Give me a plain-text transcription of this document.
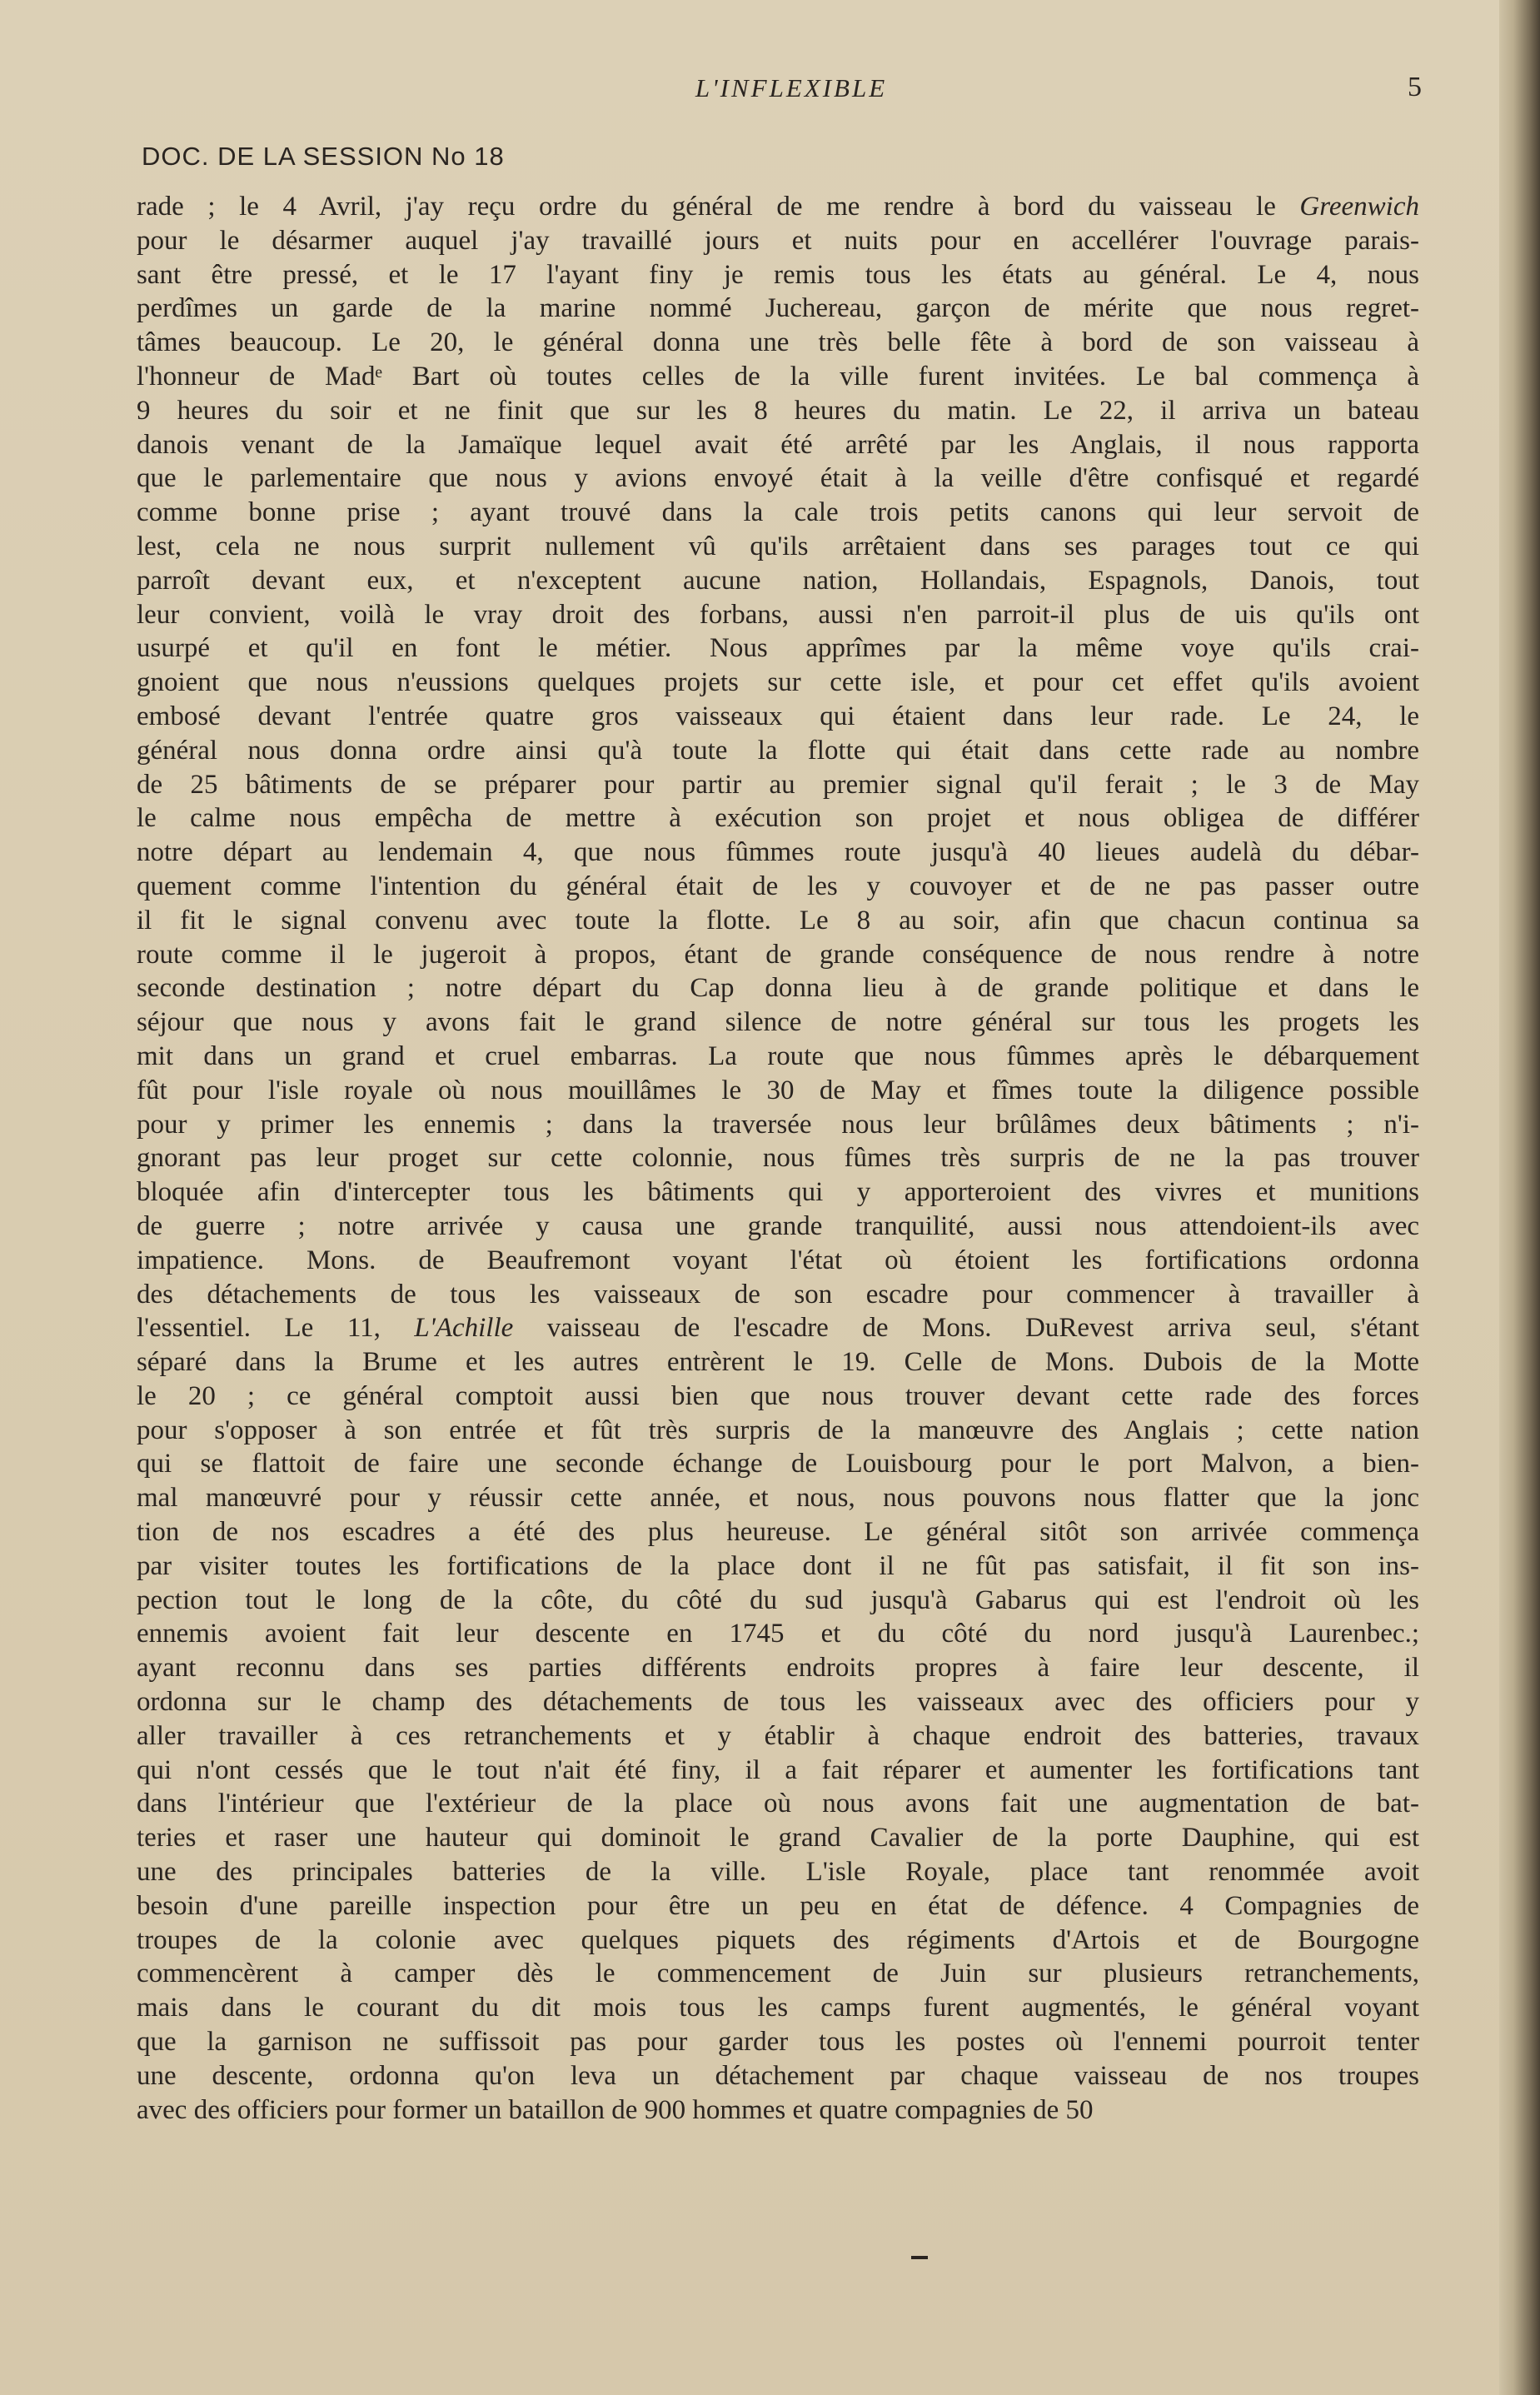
L'INFLEXIBLE	5
DOC. DE LA SESSION No 18
rade ; le 4 Avril, j'ay reçu ordre du général de me rendre à bord du vaisseau le Greenwich
pour le désarmer auquel j'ay travaillé jours et nuits pour en accellérer l'ouvrage parais-
sant être pressé, et le 17 l'ayant finy je remis tous les états au général. Le 4, nous
perdîmes un garde de la marine nommé Juchereau, garçon de mérite que nous regret-
tâmes beaucoup. Le 20, le général donna une très belle fête à bord de son vaisseau à
l'honneur de Madᵉ Bart où toutes celles de la ville furent invitées. Le bal commença à
9 heures du soir et ne finit que sur les 8 heures du matin. Le 22, il arriva un bateau
danois venant de la Jamaïque lequel avait été arrêté par les Anglais, il nous rapporta
que le parlementaire que nous y avions envoyé était à la veille d'être confisqué et regardé
comme bonne prise ; ayant trouvé dans la cale trois petits canons qui leur servoit de
lest, cela ne nous surprit nullement vû qu'ils arrêtaient dans ses parages tout ce qui
parroît devant eux, et n'exceptent aucune nation, Hollandais, Espagnols, Danois, tout
leur convient, voilà le vray droit des forbans, aussi n'en parroit-il plus de uis qu'ils ont
usurpé et qu'il en font le métier. Nous apprîmes par la même voye qu'ils crai-
gnoient que nous n'eussions quelques projets sur cette isle, et pour cet effet qu'ils avoient
embosé devant l'entrée quatre gros vaisseaux qui étaient dans leur rade. Le 24, le
général nous donna ordre ainsi qu'à toute la flotte qui était dans cette rade au nombre
de 25 bâtiments de se préparer pour partir au premier signal qu'il ferait ; le 3 de May
le calme nous empêcha de mettre à exécution son projet et nous obligea de différer
notre départ au lendemain 4, que nous fûmmes route jusqu'à 40 lieues audelà du débar-
quement comme l'intention du général était de les y couvoyer et de ne pas passer outre
il fit le signal convenu avec toute la flotte. Le 8 au soir, afin que chacun continua sa
route comme il le jugeroit à propos, étant de grande conséquence de nous rendre à notre
seconde destination ; notre départ du Cap donna lieu à de grande politique et dans le
séjour que nous y avons fait le grand silence de notre général sur tous les progets les
mit dans un grand et cruel embarras. La route que nous fûmmes après le débarquement
fût pour l'isle royale où nous mouillâmes le 30 de May et fîmes toute la diligence possible
pour y primer les ennemis ; dans la traversée nous leur brûlâmes deux bâtiments ; n'i-
gnorant pas leur proget sur cette colonnie, nous fûmes très surpris de ne la pas trouver
bloquée afin d'intercepter tous les bâtiments qui y apporteroient des vivres et munitions
de guerre ; notre arrivée y causa une grande tranquilité, aussi nous attendoient-ils avec
impatience. Mons. de Beaufremont voyant l'état où étoient les fortifications ordonna
des détachements de tous les vaisseaux de son escadre pour commencer à travailler à
l'essentiel. Le 11, L'Achille vaisseau de l'escadre de Mons. DuRevest arriva seul, s'étant
séparé dans la Brume et les autres entrèrent le 19. Celle de Mons. Dubois de la Motte
le 20 ; ce général comptoit aussi bien que nous trouver devant cette rade des forces
pour s'opposer à son entrée et fût très surpris de la manœuvre des Anglais ; cette nation
qui se flattoit de faire une seconde échange de Louisbourg pour le port Malvon, a bien-
mal manœuvré pour y réussir cette année, et nous, nous pouvons nous flatter que la jonc
tion de nos escadres a été des plus heureuse. Le général sitôt son arrivée commença
par visiter toutes les fortifications de la place dont il ne fût pas satisfait, il fit son ins-
pection tout le long de la côte, du côté du sud jusqu'à Gabarus qui est l'endroit où les
ennemis avoient fait leur descente en 1745 et du côté du nord jusqu'à Laurenbec.;
ayant reconnu dans ses parties différents endroits propres à faire leur descente, il
ordonna sur le champ des détachements de tous les vaisseaux avec des officiers pour y
aller travailler à ces retranchements et y établir à chaque endroit des batteries, travaux
qui n'ont cessés que le tout n'ait été finy, il a fait réparer et aumenter les fortifications tant
dans l'intérieur que l'extérieur de la place où nous avons fait une augmentation de bat-
teries et raser une hauteur qui dominoit le grand Cavalier de la porte Dauphine, qui est
une des principales batteries de la ville. L'isle Royale, place tant renommée avoit
besoin d'une pareille inspection pour être un peu en état de défence. 4 Compagnies de
troupes de la colonie avec quelques piquets des régiments d'Artois et de Bourgogne
commencèrent à camper dès le commencement de Juin sur plusieurs retranchements,
mais dans le courant du dit mois tous les camps furent augmentés, le général voyant
que la garnison ne suffissoit pas pour garder tous les postes où l'ennemi pourroit tenter
une descente, ordonna qu'on leva un détachement par chaque vaisseau de nos troupes
avec des officiers pour former un bataillon de 900 hommes et quatre compagnies de 50
